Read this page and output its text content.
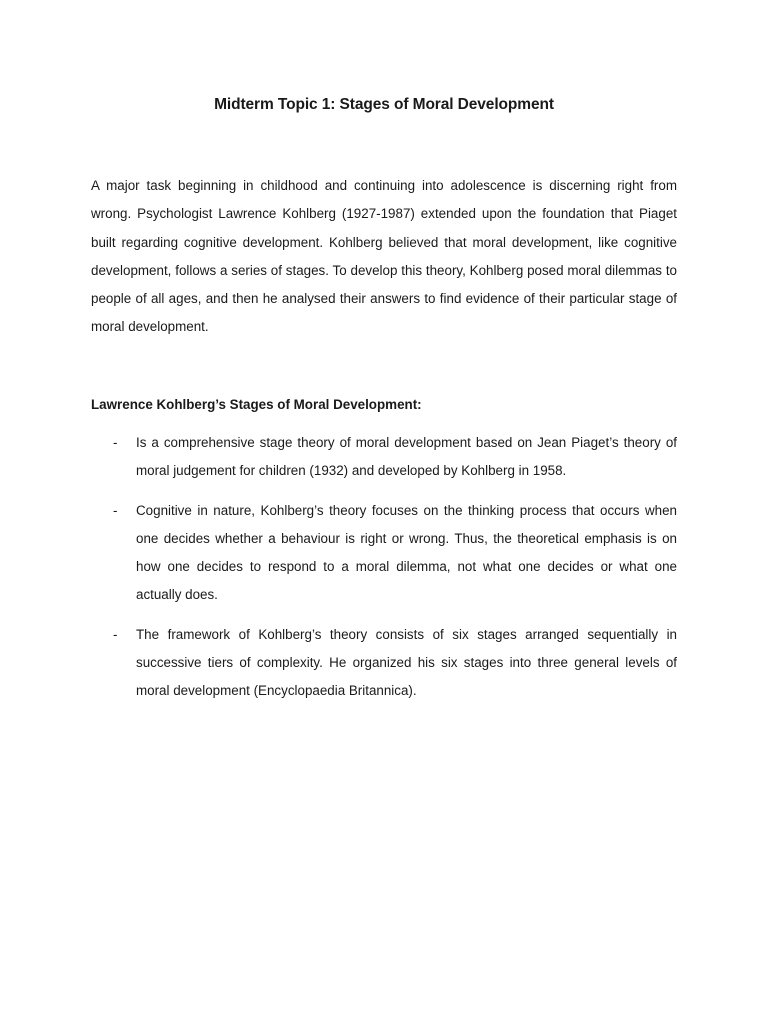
Midterm Topic 1: Stages of Moral Development

A major task beginning in childhood and continuing into adolescence is discerning right from wrong. Psychologist Lawrence Kohlberg (1927-1987) extended upon the foundation that Piaget built regarding cognitive development. Kohlberg believed that moral development, like cognitive development, follows a series of stages. To develop this theory, Kohlberg posed moral dilemmas to people of all ages, and then he analysed their answers to find evidence of their particular stage of moral development.

Lawrence Kohlberg’s Stages of Moral Development:

- Is a comprehensive stage theory of moral development based on Jean Piaget’s theory of moral judgement for children (1932) and developed by Kohlberg in 1958.
- Cognitive in nature, Kohlberg’s theory focuses on the thinking process that occurs when one decides whether a behaviour is right or wrong. Thus, the theoretical emphasis is on how one decides to respond to a moral dilemma, not what one decides or what one actually does.
- The framework of Kohlberg’s theory consists of six stages arranged sequentially in successive tiers of complexity. He organized his six stages into three general levels of moral development (Encyclopaedia Britannica).
